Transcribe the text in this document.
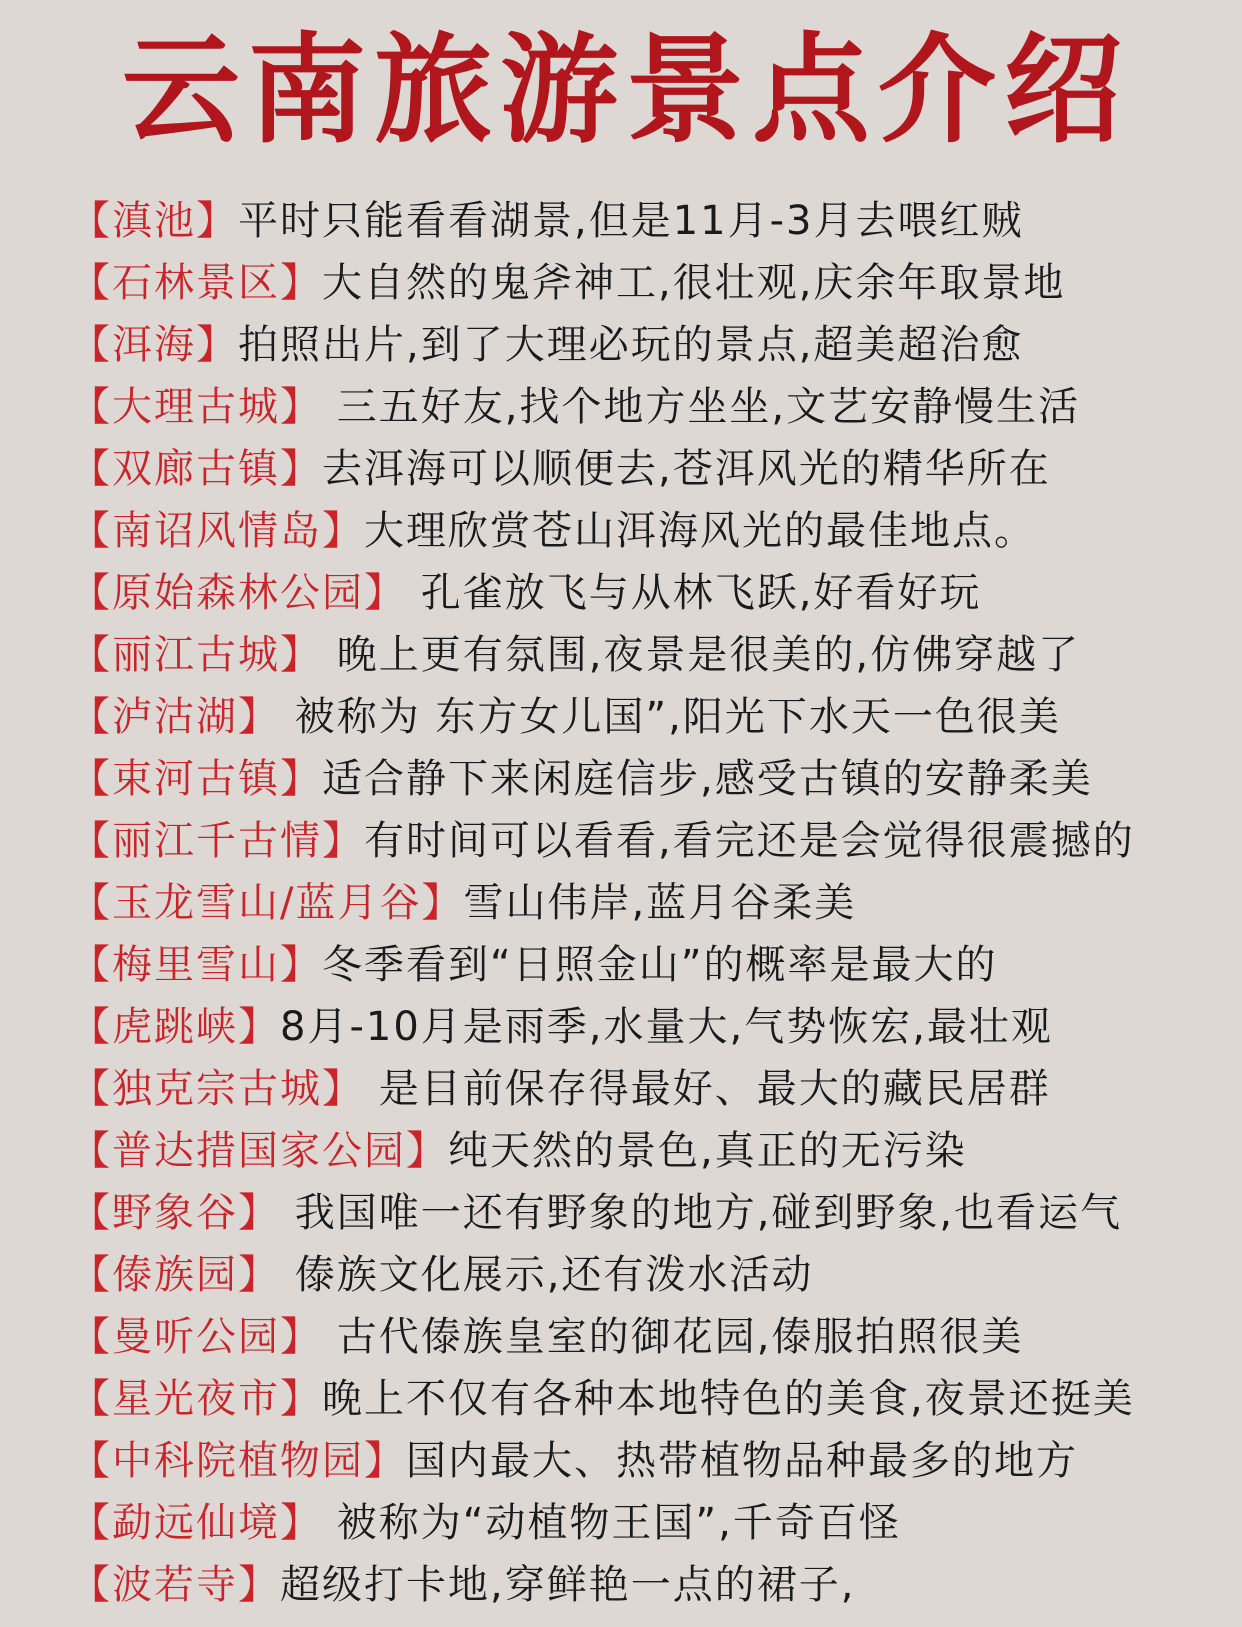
云南旅游景点介绍
【滇池】平时只能看看湖景,但是11月-3月去喂红贼
【石林景区】大自然的鬼斧神工,很壮观,庆余年取景地
【洱海】拍照出片,到了大理必玩的景点,超美超治愈
【大理古城】 三五好友,找个地方坐坐,文艺安静慢生活
【双廊古镇】去洱海可以顺便去,苍洱风光的精华所在
【南诏风情岛】大理欣赏苍山洱海风光的最佳地点。
【原始森林公园】 孔雀放飞与从林飞跃,好看好玩
【丽江古城】 晚上更有氛围,夜景是很美的,仿佛穿越了
【泸沽湖】 被称为 东方女儿国”,阳光下水天一色很美
【束河古镇】适合静下来闲庭信步,感受古镇的安静柔美
【丽江千古情】有时间可以看看,看完还是会觉得很震撼的
【玉龙雪山/蓝月谷】雪山伟岸,蓝月谷柔美
【梅里雪山】冬季看到“日照金山”的概率是最大的
【虎跳峡】8月-10月是雨季,水量大,气势恢宏,最壮观
【独克宗古城】 是目前保存得最好、最大的藏民居群
【普达措国家公园】纯天然的景色,真正的无污染
【野象谷】 我国唯一还有野象的地方,碰到野象,也看运气
【傣族园】 傣族文化展示,还有泼水活动
【曼听公园】 古代傣族皇室的御花园,傣服拍照很美
【星光夜市】晚上不仅有各种本地特色的美食,夜景还挺美
【中科院植物园】国内最大、热带植物品种最多的地方
【勐远仙境】 被称为“动植物王国”,千奇百怪
【波若寺】超级打卡地,穿鲜艳一点的裙子,
